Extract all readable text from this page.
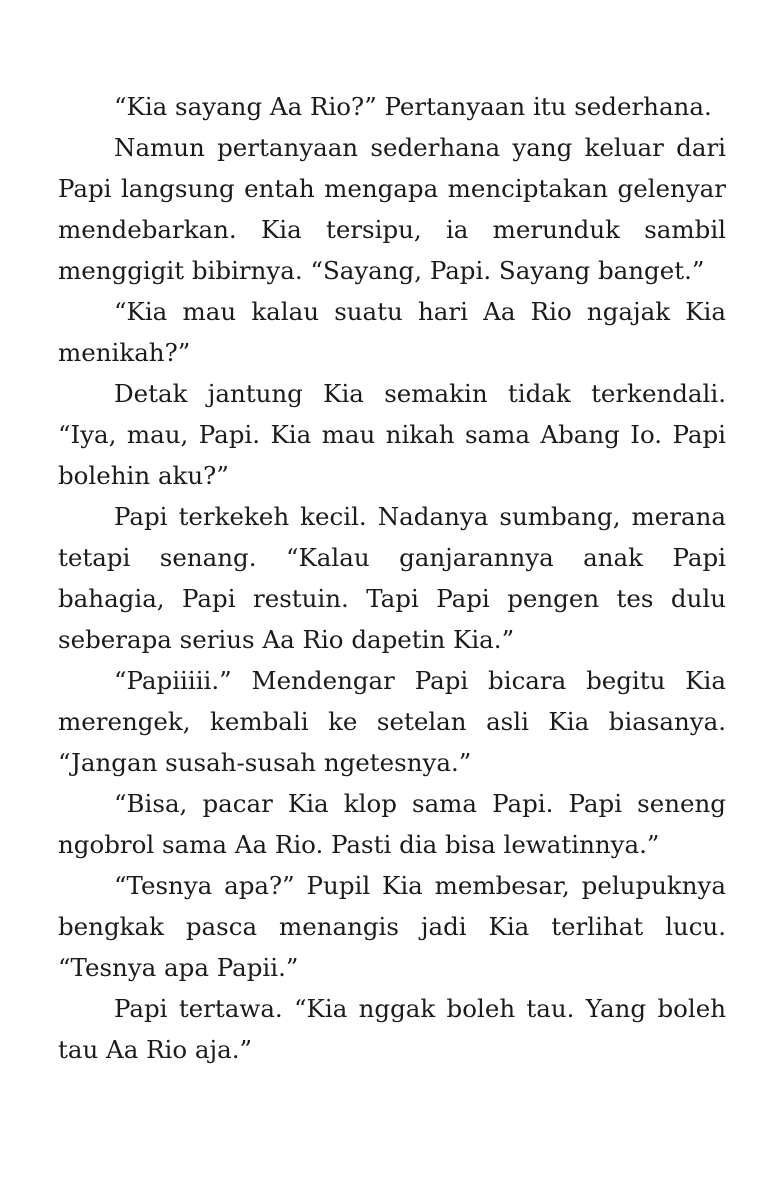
“Kia sayang Aa Rio?” Pertanyaan itu sederhana.

Namun pertanyaan sederhana yang keluar dari Papi langsung entah mengapa menciptakan gelenyar mendebarkan. Kia tersipu, ia merunduk sambil menggigit bibirnya. “Sayang, Papi. Sayang banget.”

“Kia mau kalau suatu hari Aa Rio ngajak Kia menikah?”

Detak jantung Kia semakin tidak terkendali. “Iya, mau, Papi. Kia mau nikah sama Abang Io. Papi bolehin aku?”

Papi terkekeh kecil. Nadanya sumbang, merana tetapi senang. “Kalau ganjarannya anak Papi bahagia, Papi restuin. Tapi Papi pengen tes dulu seberapa serius Aa Rio dapetin Kia.”

“Papiiiii.” Mendengar Papi bicara begitu Kia merengek, kembali ke setelan asli Kia biasanya. “Jangan susah-susah ngetesnya.”

“Bisa, pacar Kia klop sama Papi. Papi seneng ngobrol sama Aa Rio. Pasti dia bisa lewatinnya.”

“Tesnya apa?” Pupil Kia membesar, pelupuknya bengkak pasca menangis jadi Kia terlihat lucu. “Tesnya apa Papii.”

Papi tertawa. “Kia nggak boleh tau. Yang boleh tau Aa Rio aja.”
